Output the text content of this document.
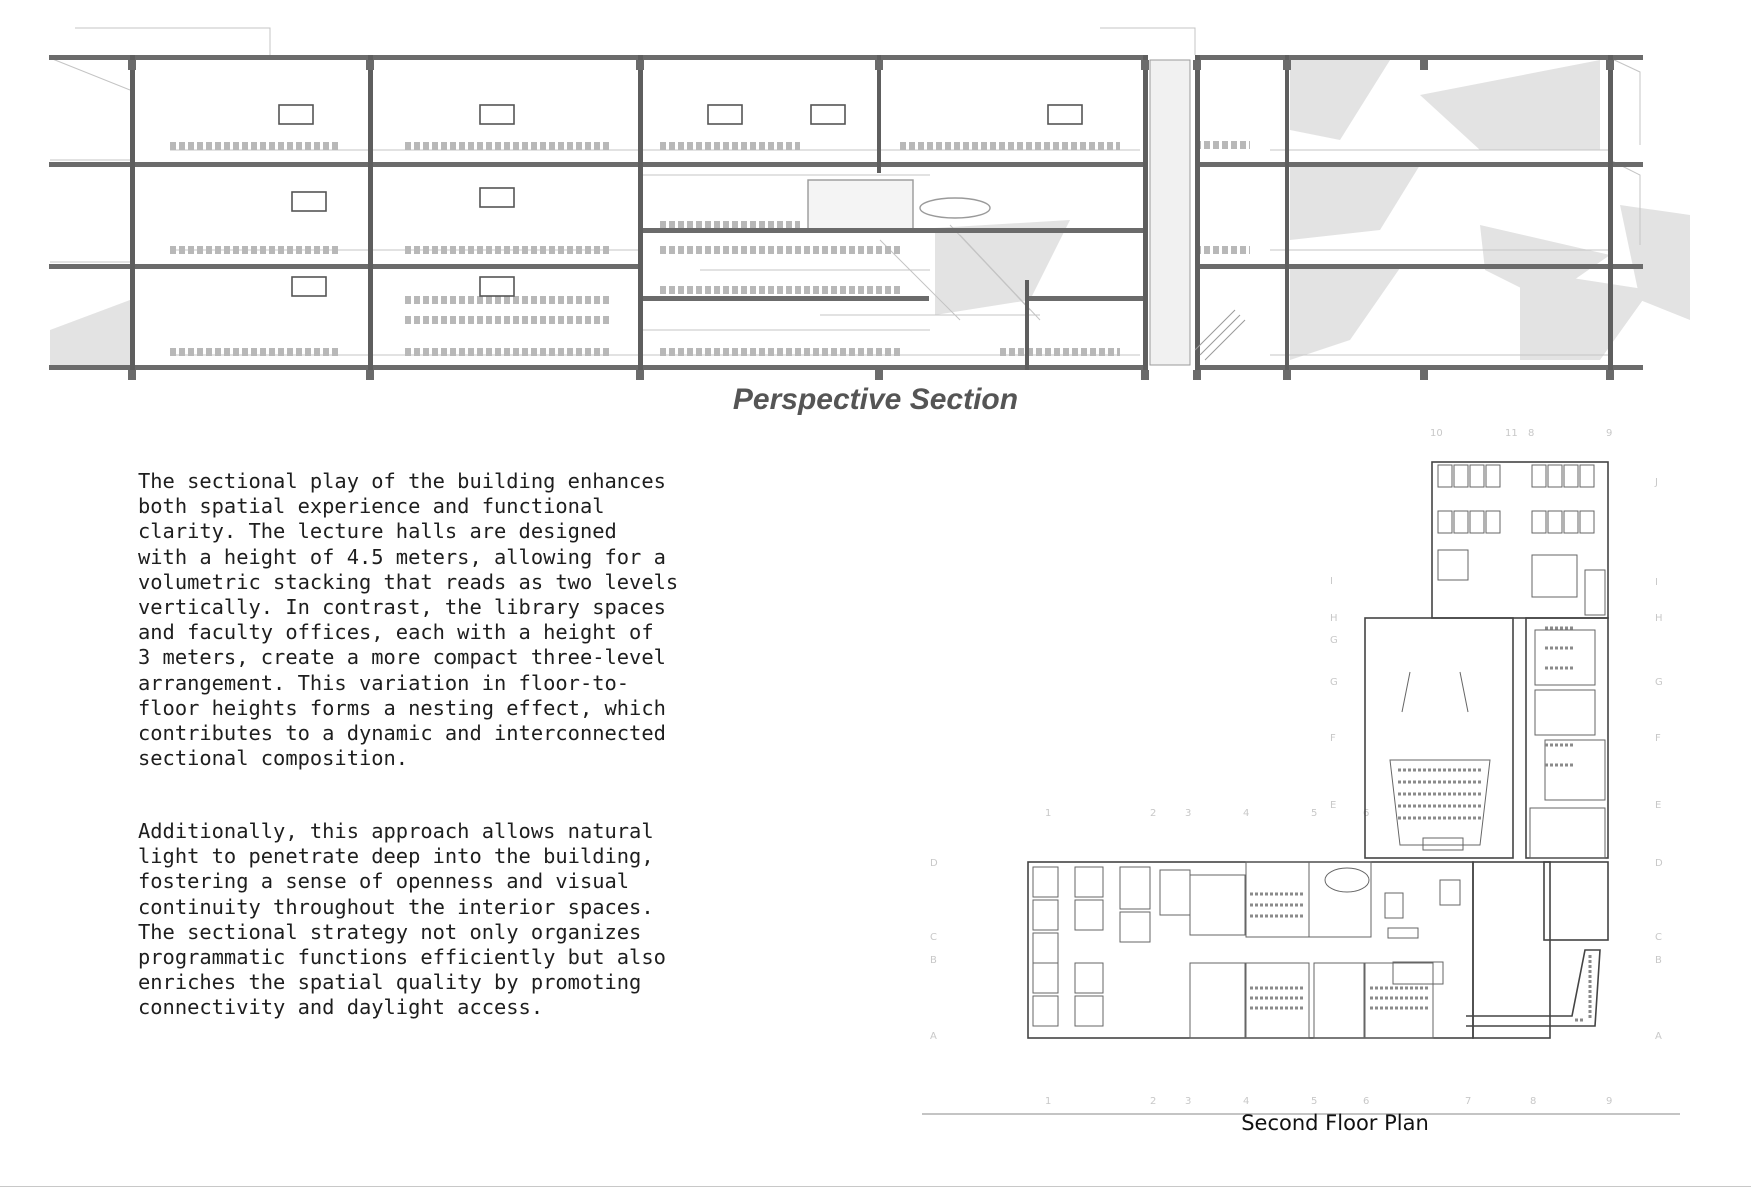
Perspective Section

The sectional play of the building enhances
both spatial experience and functional
clarity. The lecture halls are designed
with a height of 4.5 meters, allowing for a
volumetric stacking that reads as two levels
vertically. In contrast, the library spaces
and faculty offices, each with a height of
3 meters, create a more compact three-level
arrangement. This variation in floor-to-
floor heights forms a nesting effect, which
contributes to a dynamic and interconnected
sectional composition.

Additionally, this approach allows natural
light to penetrate deep into the building,
fostering a sense of openness and visual
continuity throughout the interior spaces.
The sectional strategy not only organizes
programmatic functions efficiently but also
enriches the spatial quality by promoting
connectivity and daylight access.

10	11 8	9
1	2	3	4	5	6
1	2	3	4	5	6	7	8	9
D
C
B
A
D
C
B
A
J
I
H
G
F
E
I
H
G
G
F
E
Second Floor Plan
